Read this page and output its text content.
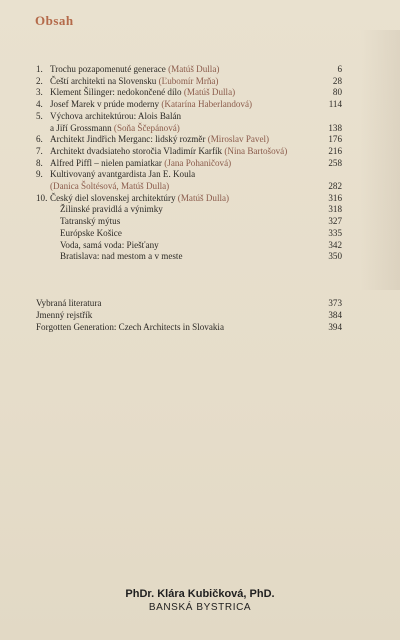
Obsah
1. Trochu pozapomenuté generace (Matúš Dulla)	6
2. Čeští architekti na Slovensku (Ľubomír Mrňa)	28
3. Klement Šilinger: nedokončené dílo (Matúš Dulla)	80
4. Josef Marek v prúde moderny (Katarína Haberlandová)	114
5. Výchova architektúrou: Alois Balán
a Jiří Grossmann (Soňa Ščepánová)	138
6. Architekt Jindřich Merganc: lidský rozměr (Miroslav Pavel)	176
7. Architekt dvadsiateho storočia Vladimír Karfík (Nina Bartošová)	216
8. Alfred Piffl – nielen pamiatkar (Jana Pohaničová)	258
9. Kultivovaný avantgardista Jan E. Koula
(Danica Šoltésová, Matúš Dulla)	282
10. Český diel slovenskej architektúry (Matúš Dulla)	316
Žilinské pravidlá a výnimky	318
Tatranský mýtus	327
Európske Košice	335
Voda, samá voda: Piešťany	342
Bratislava: nad mestom a v meste	350
Vybraná literatura	373
Jmenný rejstřík	384
Forgotten Generation: Czech Architects in Slovakia	394
PhDr. Klára Kubičková, PhD.
BANSKÁ BYSTRICA
